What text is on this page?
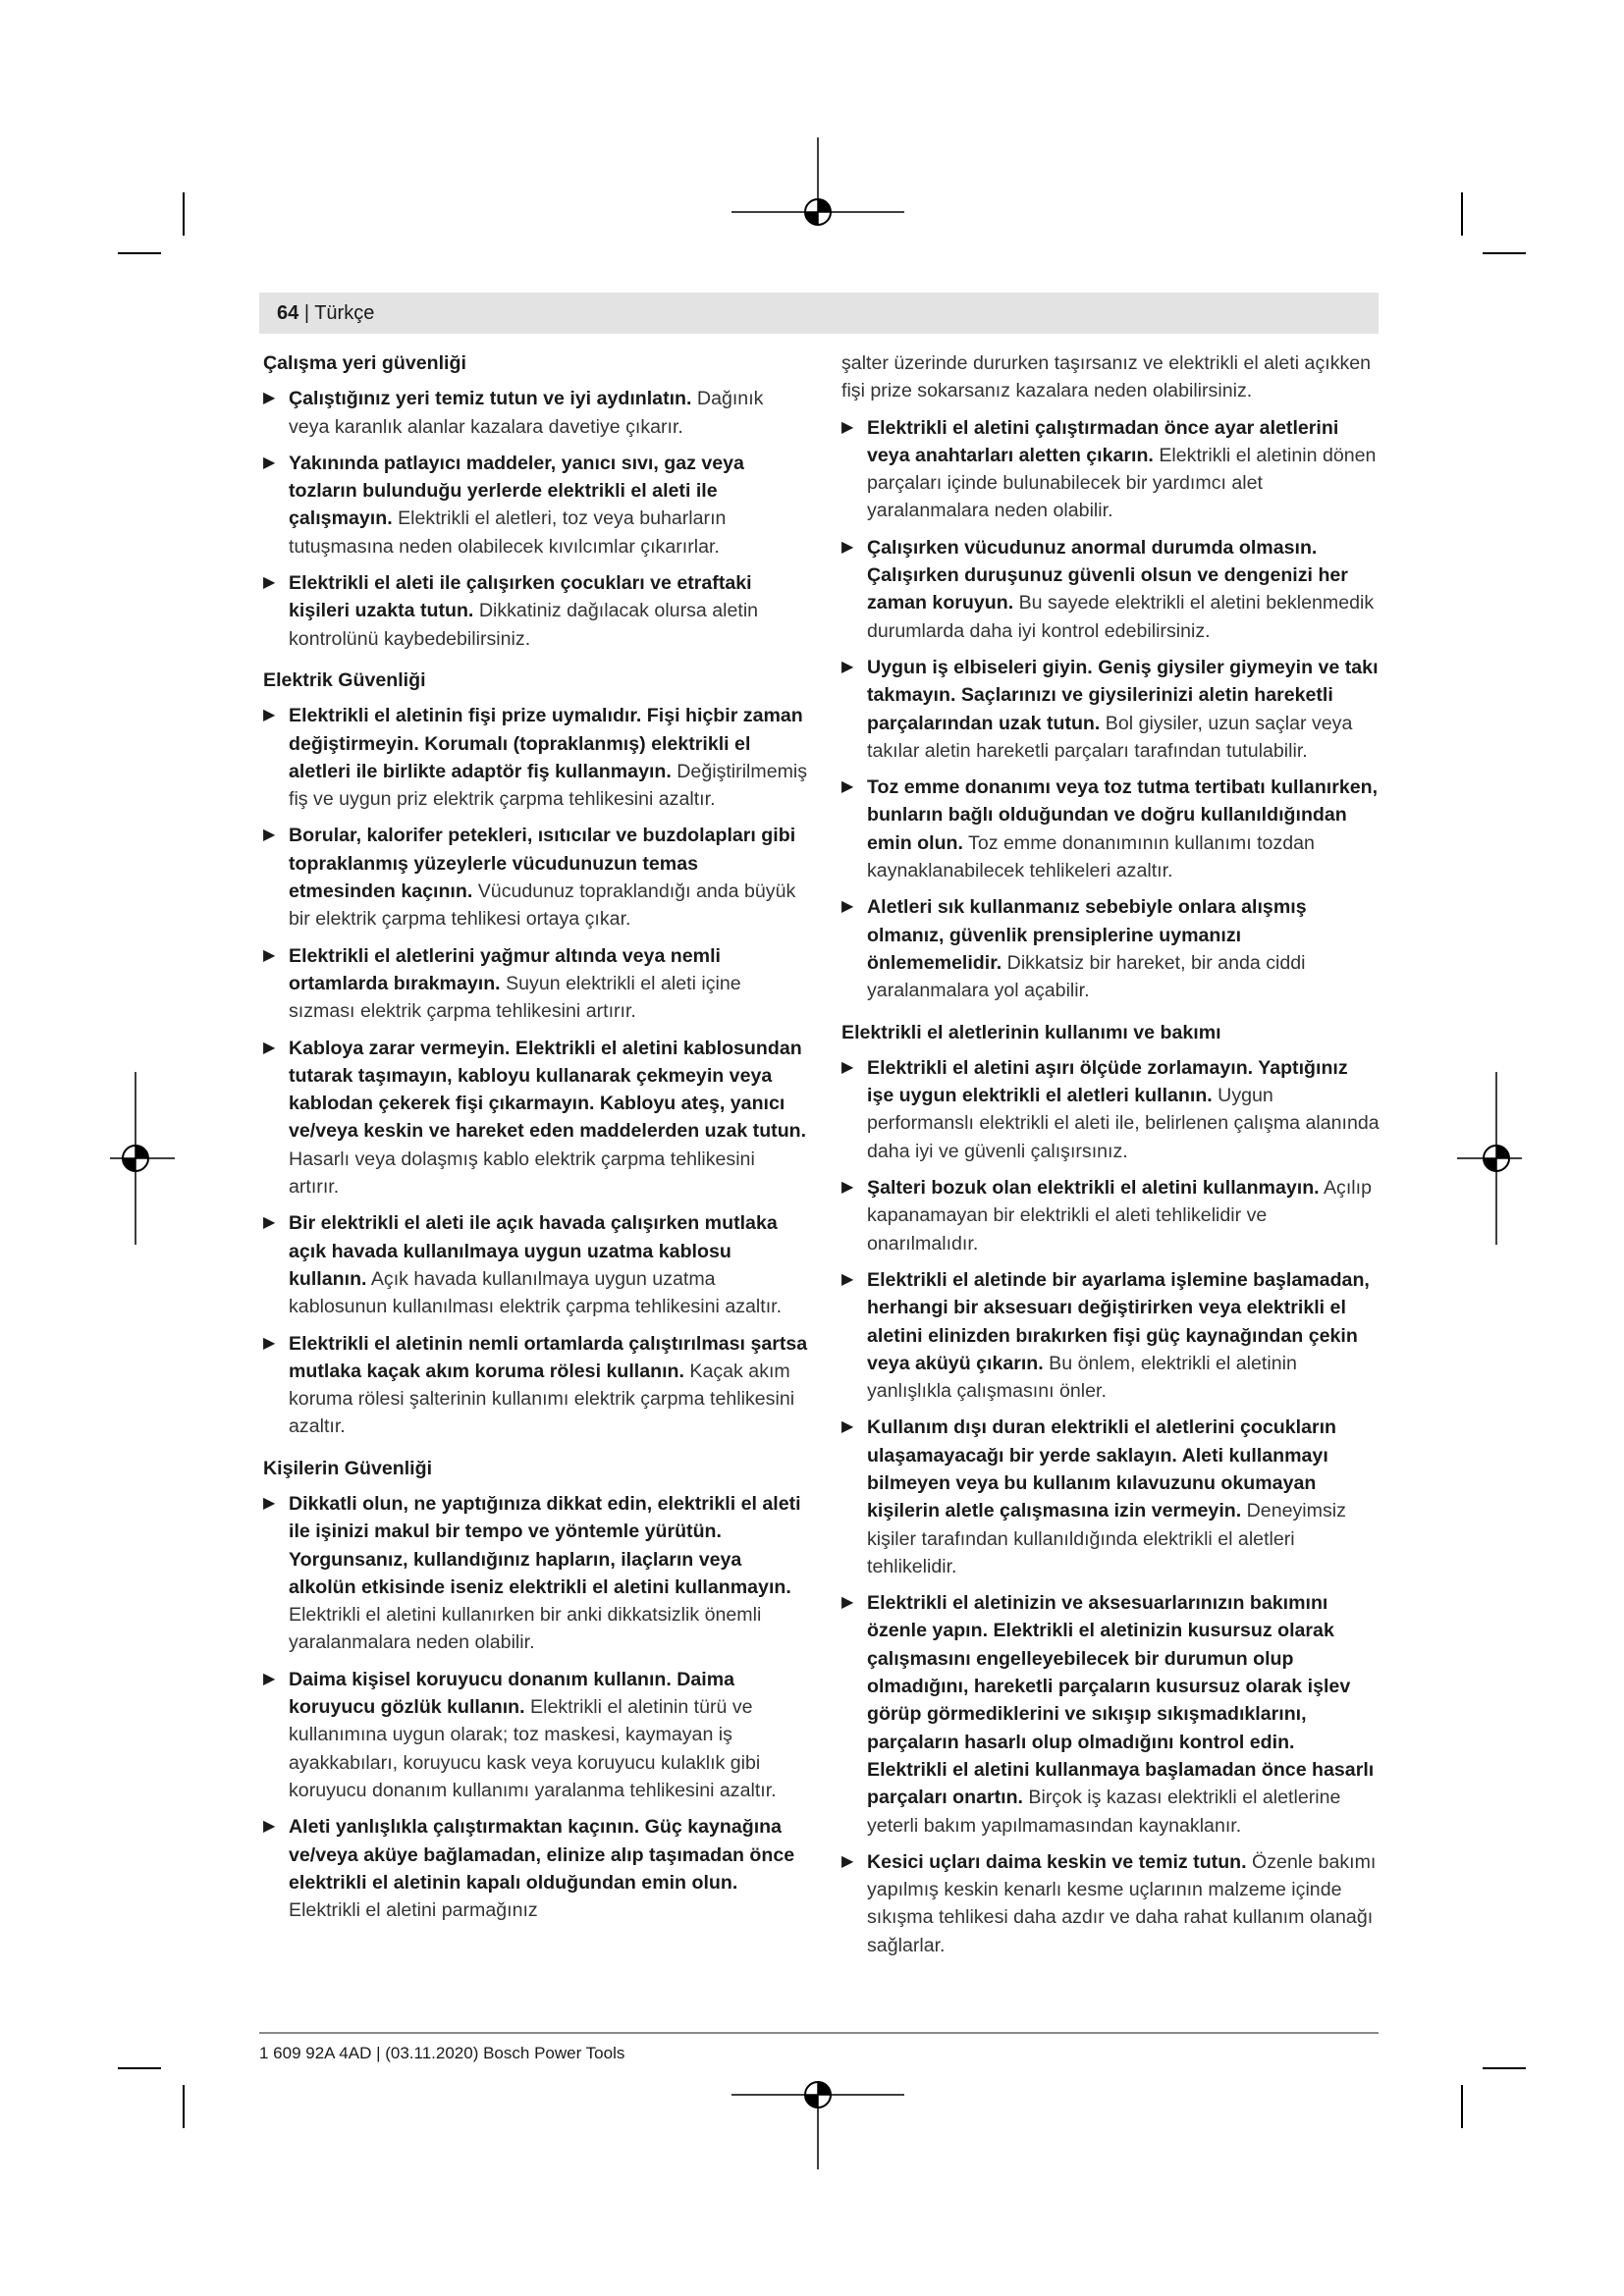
64 | Türkçe
Çalışma yeri güvenliği
▶ Çalıştığınız yeri temiz tutun ve iyi aydınlatın. Dağınık veya karanlık alanlar kazalara davetiye çıkarır.
▶ Yakınında patlayıcı maddeler, yanıcı sıvı, gaz veya tozların bulunduğu yerlerde elektrikli el aleti ile çalışmayın. Elektrikli el aletleri, toz veya buharların tutuşmasına neden olabilecek kıvılcımlar çıkarırlar.
▶ Elektrikli el aleti ile çalışırken çocukları ve etraftaki kişileri uzakta tutun. Dikkatiniz dağılacak olursa aletin kontrolünü kaybedebilirsiniz.
Elektrik Güvenliği
▶ Elektrikli el aletinin fişi prize uymalıdır. Fişi hiçbir zaman değiştirmeyin. Korumalı (topraklanmış) elektrikli el aletleri ile birlikte adaptör fiş kullanmayın. Değiştirilmemiş fiş ve uygun priz elektrik çarpma tehlikesini azaltır.
▶ Borular, kalorifer petekleri, ısıtıcılar ve buzdolapları gibi topraklanmış yüzeylerle vücudunuzun temas etmesinden kaçının. Vücudunuz topraklandığı anda büyük bir elektrik çarpma tehlikesi ortaya çıkar.
▶ Elektrikli el aletlerini yağmur altında veya nemli ortamlarda bırakmayın. Suyun elektrikli el aleti içine sızması elektrik çarpma tehlikesini artırır.
▶ Kabloya zarar vermeyin. Elektrikli el aletini kablosundan tutarak taşımayın, kabloyu kullanarak çekmeyin veya kablodan çekerek fişi çıkarmayın. Kabloyu ateş, yanıcı ve/veya keskin ve hareket eden maddelerden uzak tutun. Hasarlı veya dolaşmış kablo elektrik çarpma tehlikesini artırır.
▶ Bir elektrikli el aleti ile açık havada çalışırken mutlaka açık havada kullanılmaya uygun uzatma kablosu kullanın. Açık havada kullanılmaya uygun uzatma kablosunun kullanılması elektrik çarpma tehlikesini azaltır.
▶ Elektrikli el aletinin nemli ortamlarda çalıştırılması şartsa mutlaka kaçak akım koruma rölesi kullanın. Kaçak akım koruma rölesi şalterinin kullanımı elektrik çarpma tehlikesini azaltır.
Kişilerin Güvenliği
▶ Dikkatli olun, ne yaptığınıza dikkat edin, elektrikli el aleti ile işinizi makul bir tempo ve yöntemle yürütün. Yorgunsanız, kullandığınız hapların, ilaçların veya alkolün etkisinde iseniz elektrikli el aletini kullanmayın. Elektrikli el aletini kullanırken bir anki dikkatsizlik önemli yaralanmalara neden olabilir.
▶ Daima kişisel koruyucu donanım kullanın. Daima koruyucu gözlük kullanın. Elektrikli el aletinin türü ve kullanımına uygun olarak; toz maskesi, kaymayan iş ayakkabıları, koruyucu kask veya koruyucu kulaklık gibi koruyucu donanım kullanımı yaralanma tehlikesini azaltır.
▶ Aleti yanlışlıkla çalıştırmaktan kaçının. Güç kaynağına ve/veya aküye bağlamadan, elinize alıp taşımadan önce elektrikli el aletinin kapalı olduğundan emin olun. Elektrikli el aletini parmağınız
şalter üzerinde dururken taşırsanız ve elektrikli el aleti açıkken fişi prize sokarsanız kazalara neden olabilirsiniz.
▶ Elektrikli el aletini çalıştırmadan önce ayar aletlerini veya anahtarları aletten çıkarın. Elektrikli el aletinin dönen parçaları içinde bulunabilecek bir yardımcı alet yaralanmalara neden olabilir.
▶ Çalışırken vücudunuz anormal durumda olmasın. Çalışırken duruşunuz güvenli olsun ve dengenizi her zaman koruyun. Bu sayede elektrikli el aletini beklenmedik durumlarda daha iyi kontrol edebilirsiniz.
▶ Uygun iş elbiseleri giyin. Geniş giysiler giymeyin ve takı takmayın. Saçlarınızı ve giysilerinizi aletin hareketli parçalarından uzak tutun. Bol giysiler, uzun saçlar veya takılar aletin hareketli parçaları tarafından tutulabilir.
▶ Toz emme donanımı veya toz tutma tertibatı kullanırken, bunların bağlı olduğundan ve doğru kullanıldığından emin olun. Toz emme donanımının kullanımı tozdan kaynaklanabilecek tehlikeleri azaltır.
▶ Aletleri sık kullanmanız sebebiyle onlara alışmış olmanız, güvenlik prensiplerine uymanızı önlememelidir. Dikkatsiz bir hareket, bir anda ciddi yaralanmalara yol açabilir.
Elektrikli el aletlerinin kullanımı ve bakımı
▶ Elektrikli el aletini aşırı ölçüde zorlamayın. Yaptığınız işe uygun elektrikli el aletleri kullanın. Uygun performanslı elektrikli el aleti ile, belirlenen çalışma alanında daha iyi ve güvenli çalışırsınız.
▶ Şalteri bozuk olan elektrikli el aletini kullanmayın. Açılıp kapanamayan bir elektrikli el aleti tehlikelidir ve onarılmalıdır.
▶ Elektrikli el aletinde bir ayarlama işlemine başlamadan, herhangi bir aksesuarı değiştirirken veya elektrikli el aletini elinizden bırakırken fişi güç kaynağından çekin veya aküyü çıkarın. Bu önlem, elektrikli el aletinin yanlışlıkla çalışmasını önler.
▶ Kullanım dışı duran elektrikli el aletlerini çocukların ulaşamayacağı bir yerde saklayın. Aleti kullanmayı bilmeyen veya bu kullanım kılavuzunu okumayan kişilerin aletle çalışmasına izin vermeyin. Deneyimsiz kişiler tarafından kullanıldığında elektrikli el aletleri tehlikelidir.
▶ Elektrikli el aletinizin ve aksesuarlarınızın bakımını özenle yapın. Elektrikli el aletinizin kusursuz olarak çalışmasını engelleyebilecek bir durumun olup olmadığını, hareketli parçaların kusursuz olarak işlev görüp görmediklerini ve sıkışıp sıkışmadıklarını, parçaların hasarlı olup olmadığını kontrol edin. Elektrikli el aletini kullanmaya başlamadan önce hasarlı parçaları onartın. Birçok iş kazası elektrikli el aletlerine yeterli bakım yapılmamasından kaynaklanır.
▶ Kesici uçları daima keskin ve temiz tutun. Özenle bakımı yapılmış keskin kenarlı kesme uçlarının malzeme içinde sıkışma tehlikesi daha azdır ve daha rahat kullanım olanağı sağlarlar.
1 609 92A 4AD | (03.11.2020) Bosch Power Tools
